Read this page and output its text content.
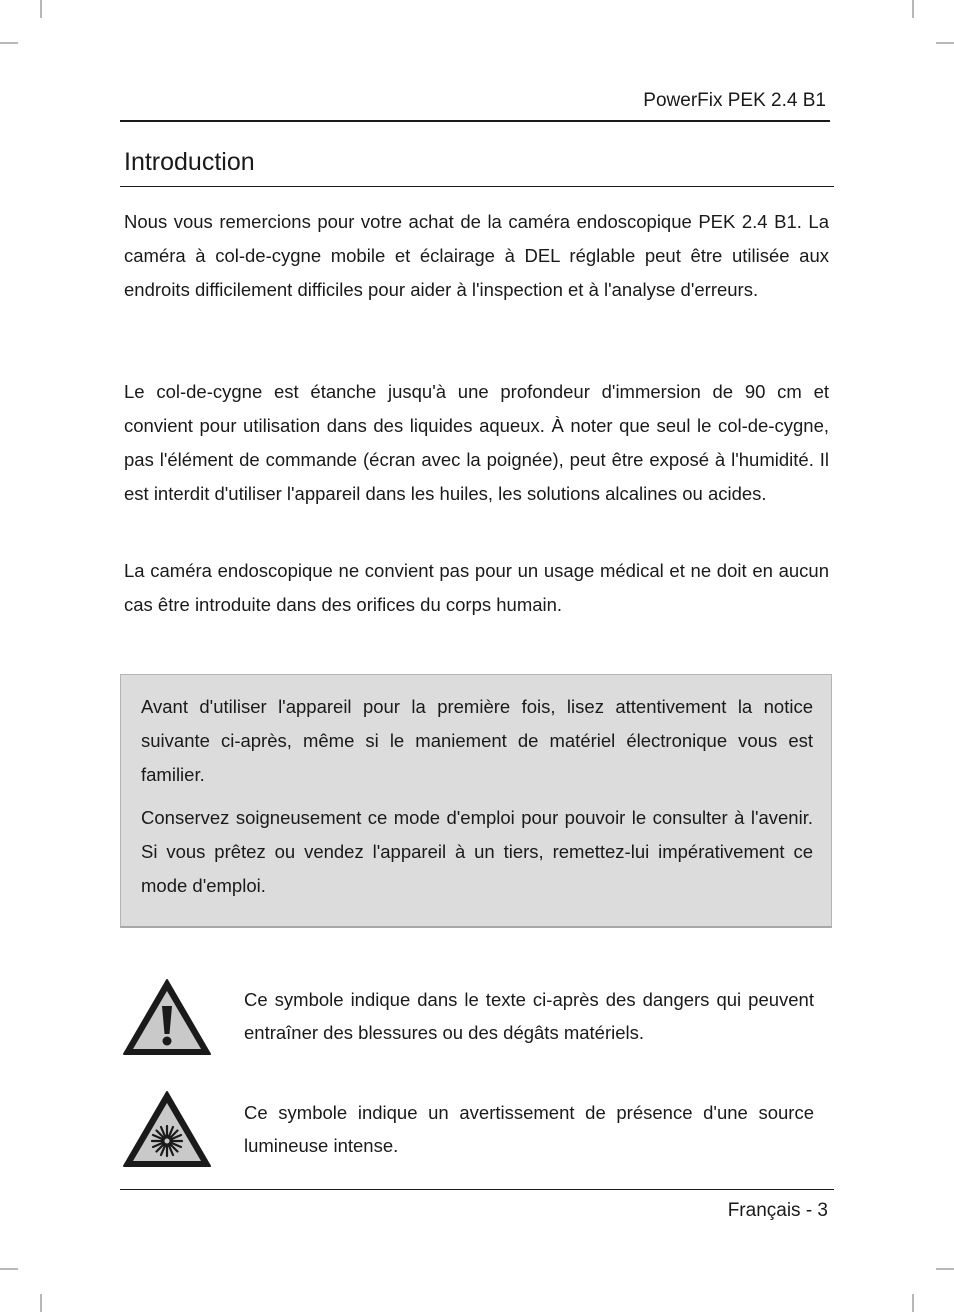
PowerFix PEK 2.4 B1
Introduction

Nous vous remercions pour votre achat de la caméra endoscopique PEK 2.4 B1. La caméra à col-de-cygne mobile et éclairage à DEL réglable peut être utilisée aux endroits difficilement difficiles pour aider à l'inspection et à l'analyse d'erreurs.

Le col-de-cygne est étanche jusqu'à une profondeur d'immersion de 90 cm et convient pour utilisation dans des liquides aqueux. À noter que seul le col-de-cygne, pas l'élément de commande (écran avec la poignée), peut être exposé à l'humidité. Il est interdit d'utiliser l'appareil dans les huiles, les solutions alcalines ou acides.

La caméra endoscopique ne convient pas pour un usage médical et ne doit en aucun cas être introduite dans des orifices du corps humain.

Avant d'utiliser l'appareil pour la première fois, lisez attentivement la notice suivante ci-après, même si le maniement de matériel électronique vous est familier.

Conservez soigneusement ce mode d'emploi pour pouvoir le consulter à l'avenir. Si vous prêtez ou vendez l'appareil à un tiers, remettez-lui impérativement ce mode d'emploi.

Ce symbole indique dans le texte ci-après des dangers qui peuvent entraîner des blessures ou des dégâts matériels.

Ce symbole indique un avertissement de présence d'une source lumineuse intense.

Français - 3
